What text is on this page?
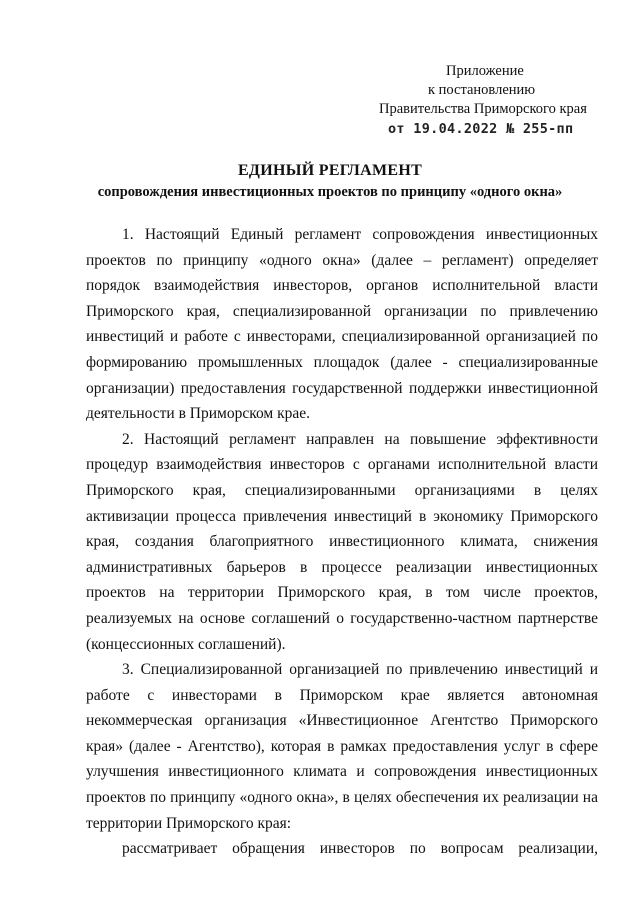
Приложение
к постановлению
Правительства Приморского края
от 19.04.2022 № 255-пп
ЕДИНЫЙ РЕГЛАМЕНТ
сопровождения инвестиционных проектов по принципу «одного окна»

1. Настоящий Единый регламент сопровождения инвестиционных проектов по принципу «одного окна» (далее – регламент) определяет порядок взаимодействия инвесторов, органов исполнительной власти Приморского края, специализированной организации по привлечению инвестиций и работе с инвесторами, специализированной организацией по формированию промышленных площадок (далее - специализированные организации) предоставления государственной поддержки инвестиционной деятельности в Приморском крае.

2. Настоящий регламент направлен на повышение эффективности процедур взаимодействия инвесторов с органами исполнительной власти Приморского края, специализированными организациями в целях активизации процесса привлечения инвестиций в экономику Приморского края, создания благоприятного инвестиционного климата, снижения административных барьеров в процессе реализации инвестиционных проектов на территории Приморского края, в том числе проектов, реализуемых на основе соглашений о государственно-частном партнерстве (концессионных соглашений).

3. Специализированной организацией по привлечению инвестиций и работе с инвесторами в Приморском крае является автономная некоммерческая организация «Инвестиционное Агентство Приморского края» (далее - Агентство), которая в рамках предоставления услуг в сфере улучшения инвестиционного климата и сопровождения инвестиционных проектов по принципу «одного окна», в целях обеспечения их реализации на территории Приморского края:

рассматривает обращения инвесторов по вопросам реализации,
